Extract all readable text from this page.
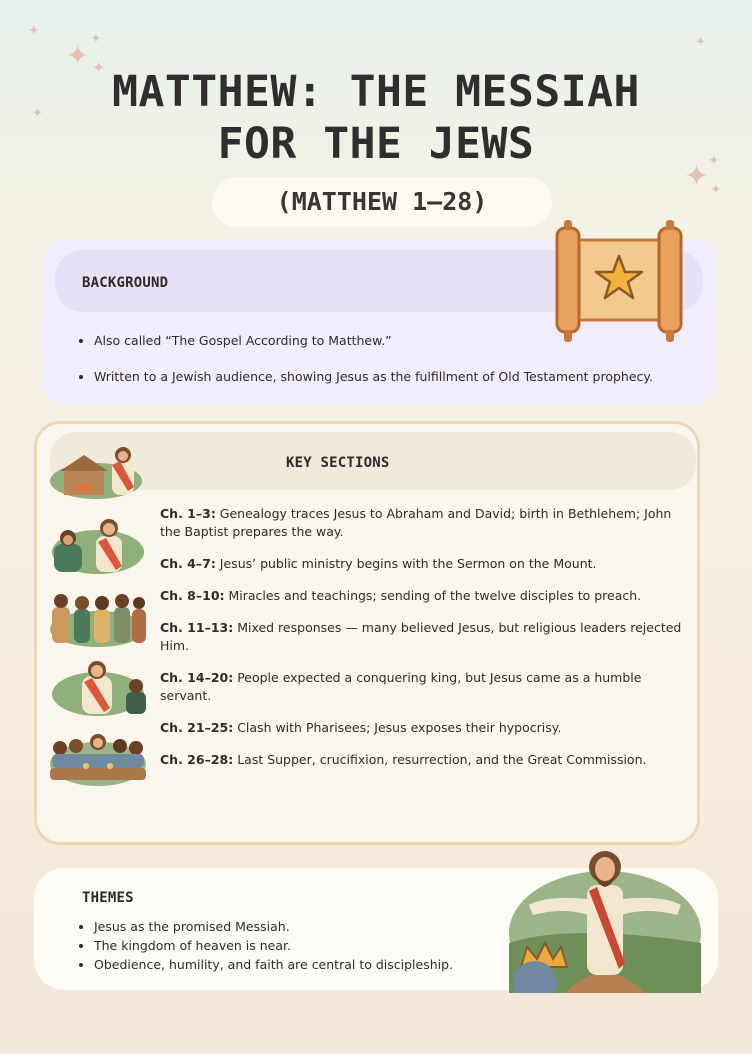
✦
✦ ✦
✦
✦
✦
✦
✦
✦
MATTHEW: THE MESSIAH FOR THE JEWS
(MATTHEW 1–28)
BACKGROUND
• Also called “The Gospel According to Matthew.”
• Written to a Jewish audience, showing Jesus as the fulfillment of Old Testament prophecy.
KEY SECTIONS
Ch. 1–3: Genealogy traces Jesus to Abraham and David; birth in Bethlehem; John the Baptist prepares the way.
Ch. 4–7: Jesus’ public ministry begins with the Sermon on the Mount.
Ch. 8–10: Miracles and teachings; sending of the twelve disciples to preach.
Ch. 11–13: Mixed responses — many believed Jesus, but religious leaders rejected Him.
Ch. 14–20: People expected a conquering king, but Jesus came as a humble servant.
Ch. 21–25: Clash with Pharisees; Jesus exposes their hypocrisy.
Ch. 26–28: Last Supper, crucifixion, resurrection, and the Great Commission.
THEMES
• Jesus as the promised Messiah.
• The kingdom of heaven is near.
• Obedience, humility, and faith are central to discipleship.
